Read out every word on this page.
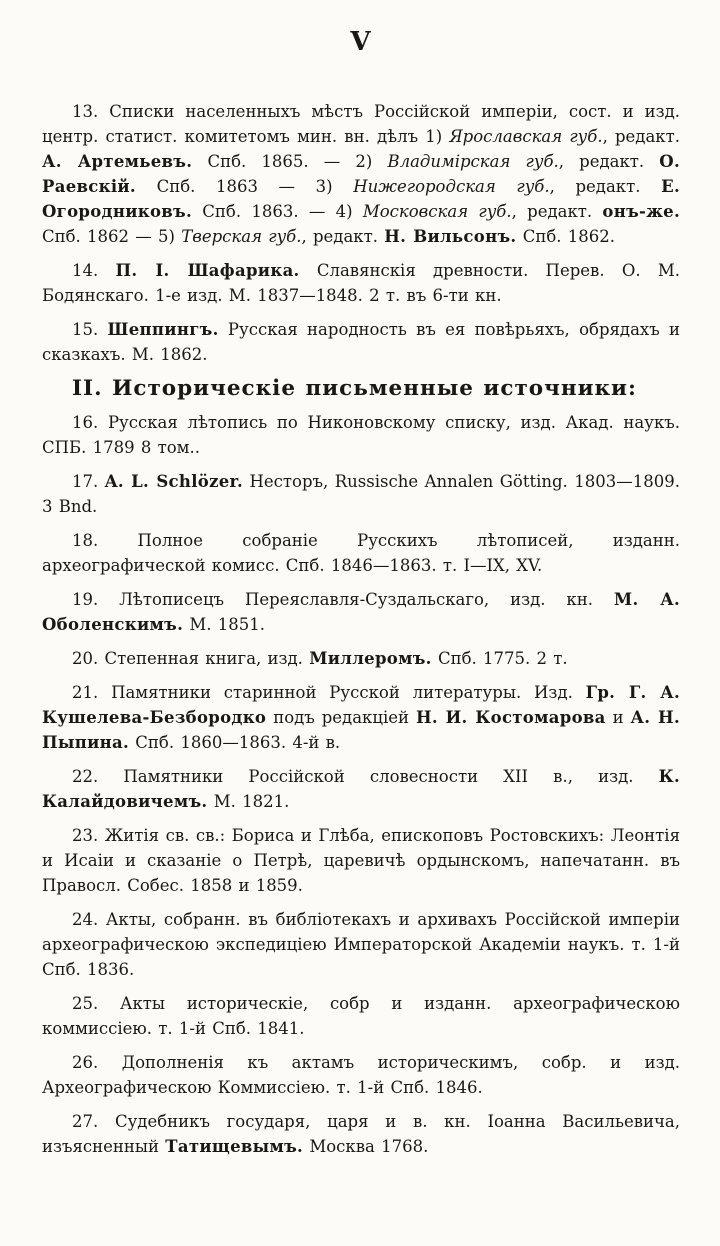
V

13. Списки населенныхъ мѣстъ Россійской имперіи, сост. и изд. центр. статист. комитетомъ мин. вн. дѣлъ 1) Ярославская губ., редакт. А. Артемьевъ. Спб. 1865. — 2) Владимірская губ., редакт. О. Раевскій. Спб. 1863 — 3) Нижегородская губ., редакт. Е. Огородниковъ. Спб. 1863. — 4) Московская губ., редакт. онъ-же. Спб. 1862 — 5) Тверская губ., редакт. Н. Вильсонъ. Спб. 1862.

14. П. І. Шафарика. Славянскія древности. Перев. О. М. Бодянскаго. 1-е изд. М. 1837—1848. 2 т. въ 6-ти кн.

15. Шеппингъ. Русская народность въ ея повѣрьяхъ, обрядахъ и сказкахъ. М. 1862.

II. Историческіе письменные источники:

16. Русская лѣтопись по Никоновскому списку, изд. Акад. наукъ. СПБ. 1789 8 том..

17. A. L. Schlözer. Несторъ, Russische Annalen Götting. 1803—1809. 3 Bnd.

18. Полное собраніе Русскихъ лѣтописей, изданн. археографической комисс. Спб. 1846—1863. т. I—IX, XV.

19. Лѣтописецъ Переяславля-Суздальскаго, изд. кн. М. А. Оболенскимъ. М. 1851.

20. Степенная книга, изд. Миллеромъ. Спб. 1775. 2 т.

21. Памятники старинной Русской литературы. Изд. Гр. Г. А. Кушелева-Безбородко подъ редакціей Н. И. Костомарова и А. Н. Пыпина. Спб. 1860—1863. 4-й в.

22. Памятники Россійской словесности XII в., изд. К. Калайдовичемъ. М. 1821.

23. Житія св. св.: Бориса и Глѣба, епископовъ Ростовскихъ: Леонтія и Исаіи и сказаніе о Петрѣ, царевичѣ ордынскомъ, напечатанн. въ Правосл. Собес. 1858 и 1859.

24. Акты, собранн. въ библіотекахъ и архивахъ Россійской имперіи археографическою экспедиціею Императорской Академіи наукъ. т. 1-й Спб. 1836.

25. Акты историческіе, собр и изданн. археографическою коммиссіею. т. 1-й Спб. 1841.

26. Дополненія къ актамъ историческимъ, собр. и изд. Археографическою Коммиссіею. т. 1-й Спб. 1846.

27. Судебникъ государя, царя и в. кн. Іоанна Васильевича, изъясненный Татищевымъ. Москва 1768.
